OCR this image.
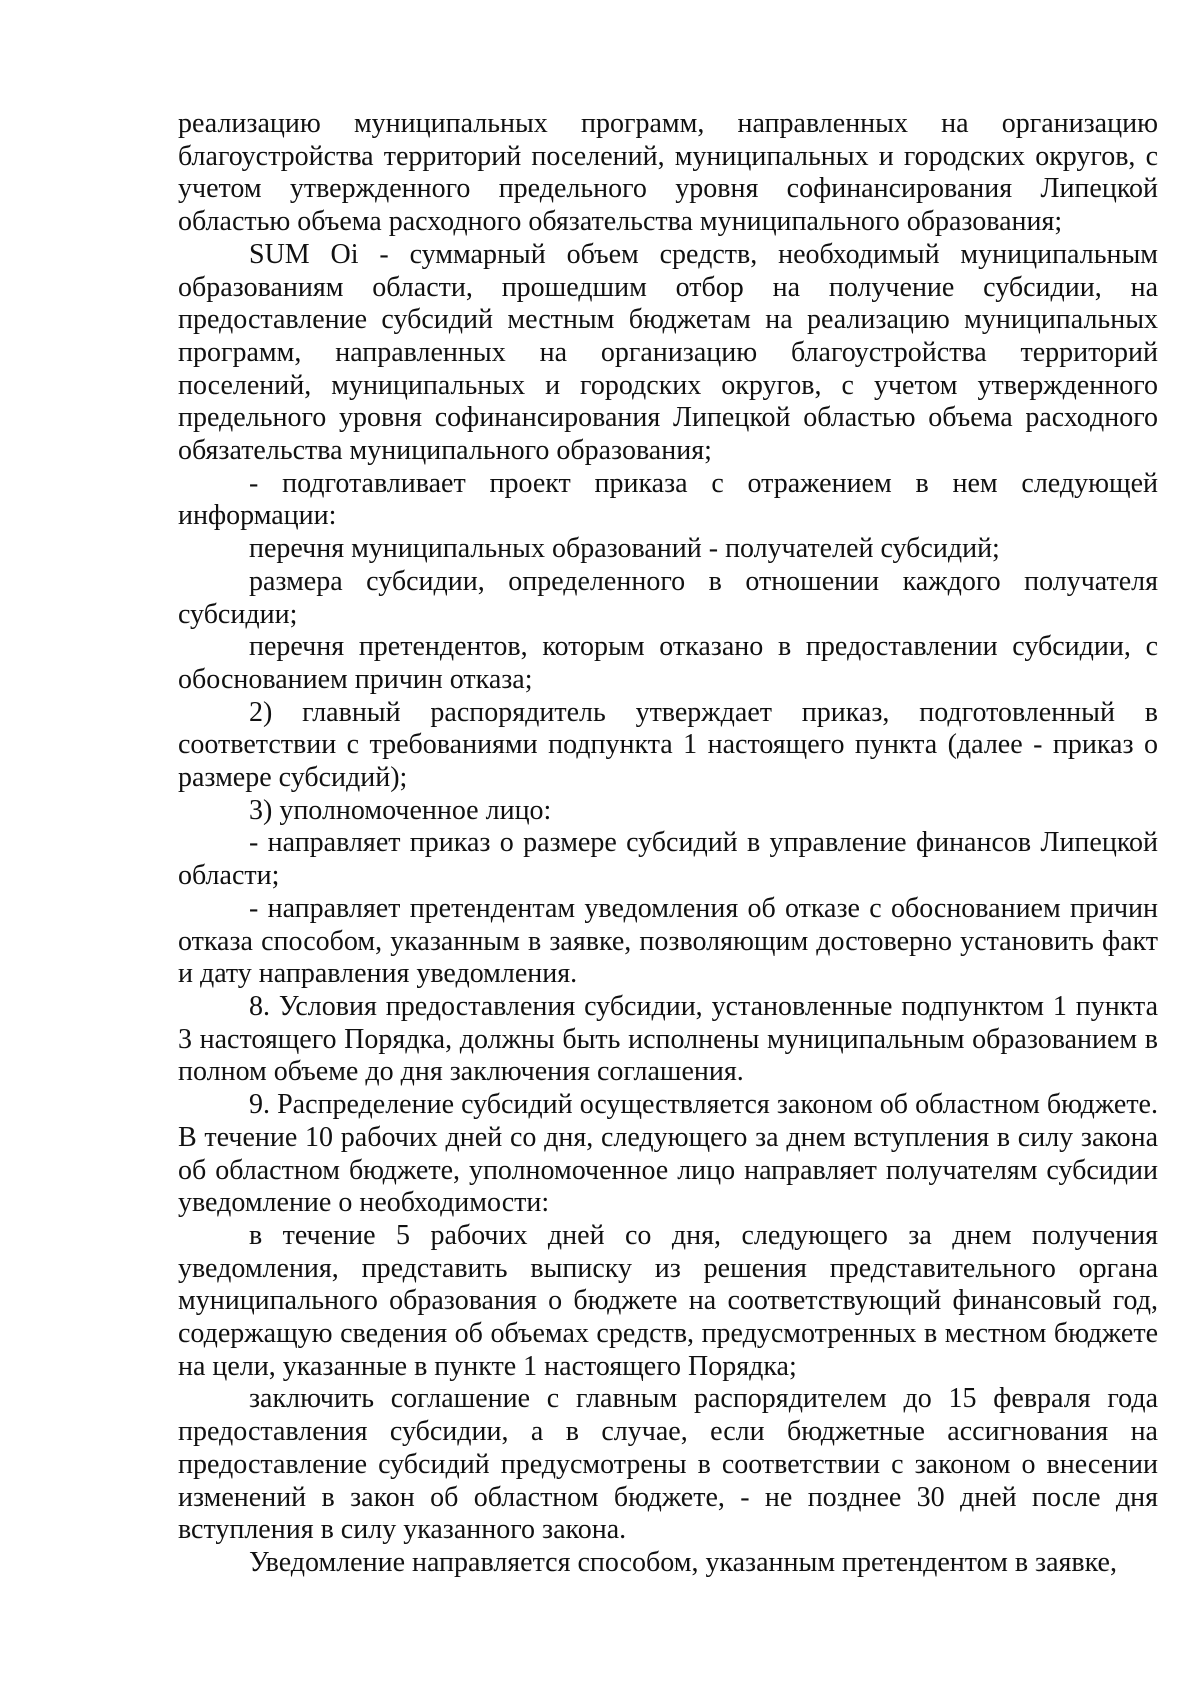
реализацию муниципальных программ, направленных на организацию благоустройства территорий поселений, муниципальных и городских округов, с учетом утвержденного предельного уровня софинансирования Липецкой областью объема расходного обязательства муниципального образования;

SUM Oi - суммарный объем средств, необходимый муниципальным образованиям области, прошедшим отбор на получение субсидии, на предоставление субсидий местным бюджетам на реализацию муниципальных программ, направленных на организацию благоустройства территорий поселений, муниципальных и городских округов, с учетом утвержденного предельного уровня софинансирования Липецкой областью объема расходного обязательства муниципального образования;

- подготавливает проект приказа с отражением в нем следующей информации:

перечня муниципальных образований - получателей субсидий;

размера субсидии, определенного в отношении каждого получателя субсидии;

перечня претендентов, которым отказано в предоставлении субсидии, с обоснованием причин отказа;

2) главный распорядитель утверждает приказ, подготовленный в соответствии с требованиями подпункта 1 настоящего пункта (далее - приказ о размере субсидий);

3) уполномоченное лицо:

- направляет приказ о размере субсидий в управление финансов Липецкой области;

- направляет претендентам уведомления об отказе с обоснованием причин отказа способом, указанным в заявке, позволяющим достоверно установить факт и дату направления уведомления.

8. Условия предоставления субсидии, установленные подпунктом 1 пункта 3 настоящего Порядка, должны быть исполнены муниципальным образованием в полном объеме до дня заключения соглашения.

9. Распределение субсидий осуществляется законом об областном бюджете. В течение 10 рабочих дней со дня, следующего за днем вступления в силу закона об областном бюджете, уполномоченное лицо направляет получателям субсидии уведомление о необходимости:

в течение 5 рабочих дней со дня, следующего за днем получения уведомления, представить выписку из решения представительного органа муниципального образования о бюджете на соответствующий финансовый год, содержащую сведения об объемах средств, предусмотренных в местном бюджете на цели, указанные в пункте 1 настоящего Порядка;

заключить соглашение с главным распорядителем до 15 февраля года предоставления субсидии, а в случае, если бюджетные ассигнования на предоставление субсидий предусмотрены в соответствии с законом о внесении изменений в закон об областном бюджете, - не позднее 30 дней после дня вступления в силу указанного закона.

Уведомление направляется способом, указанным претендентом в заявке,
